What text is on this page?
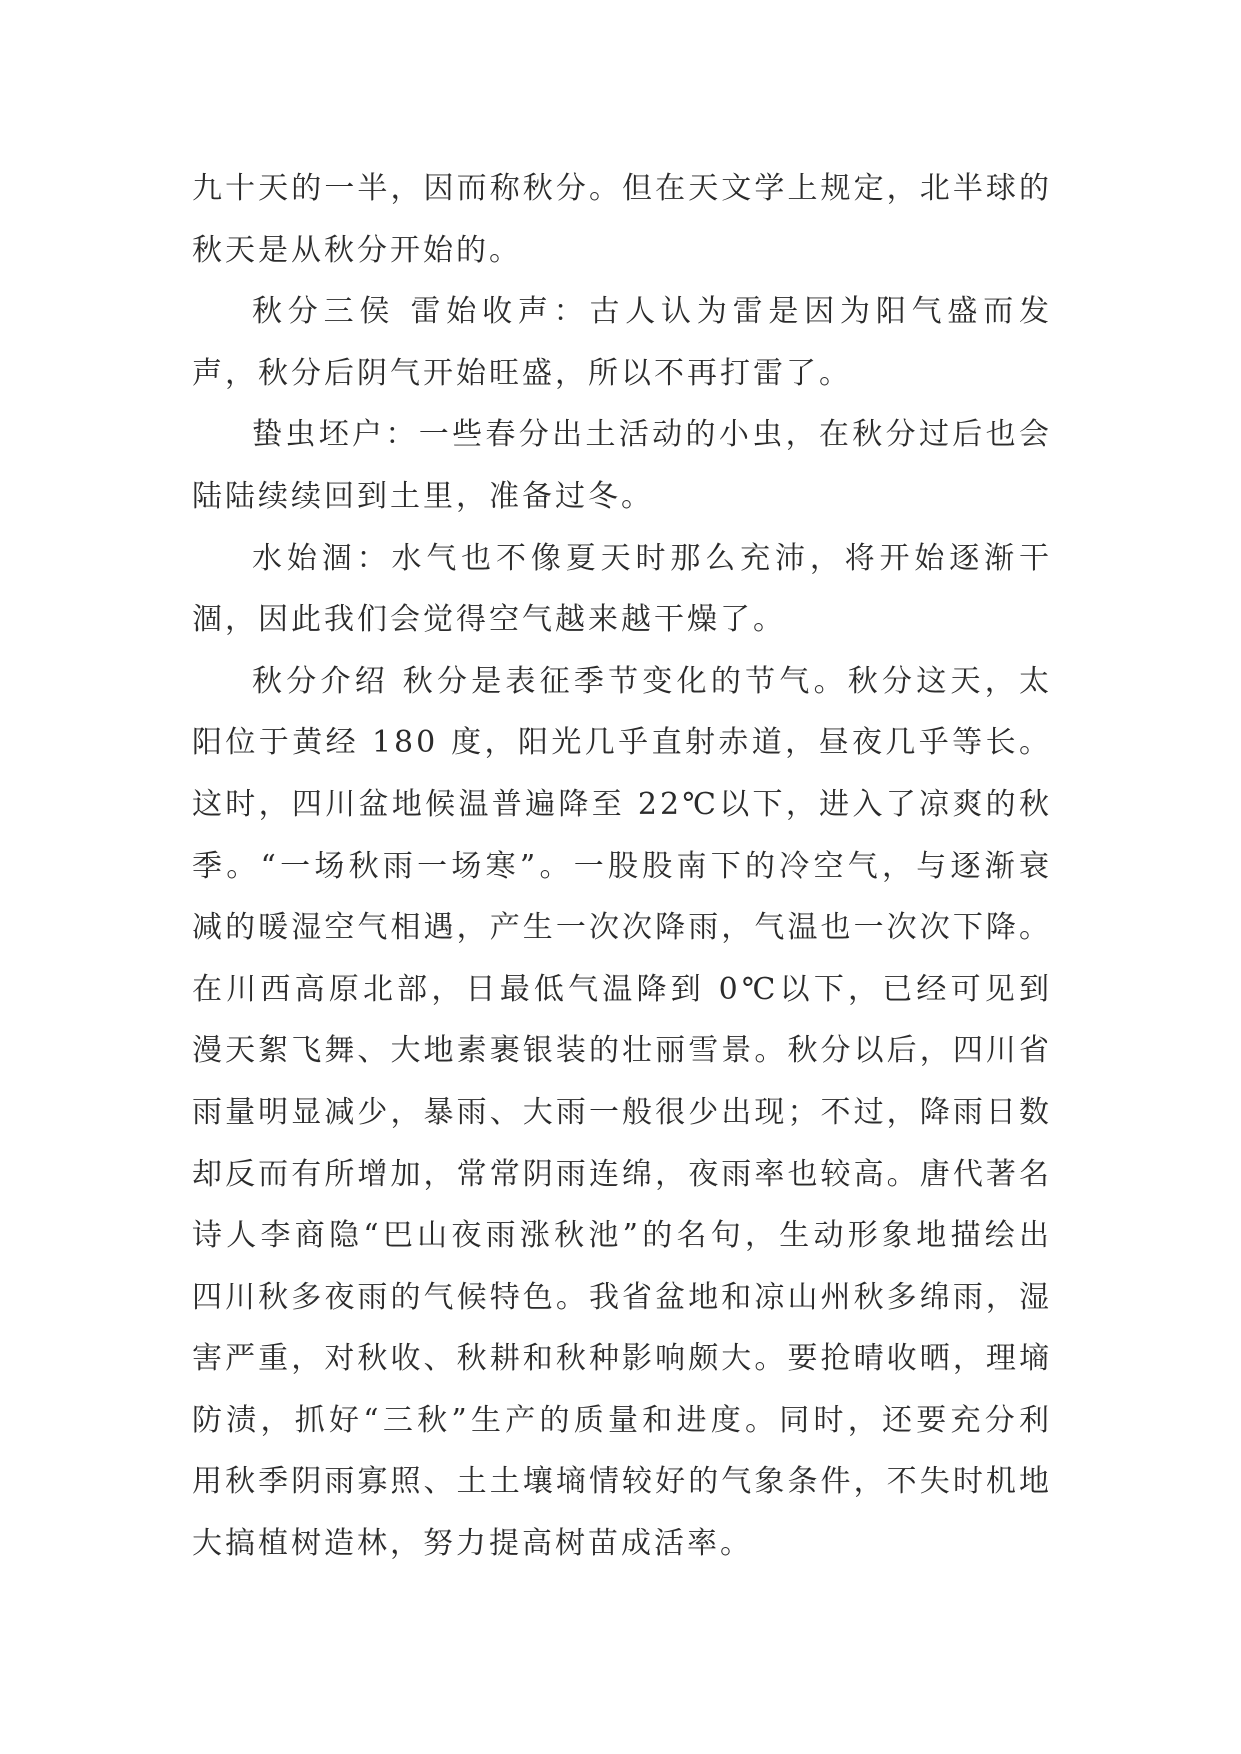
九十天的一半，因而称秋分。但在天文学上规定，北半球的秋天是从秋分开始的。

秋分三侯 雷始收声：古人认为雷是因为阳气盛而发声，秋分后阴气开始旺盛，所以不再打雷了。

蛰虫坯户：一些春分出土活动的小虫，在秋分过后也会陆陆续续回到土里，准备过冬。

水始涸：水气也不像夏天时那么充沛，将开始逐渐干涸，因此我们会觉得空气越来越干燥了。

秋分介绍 秋分是表征季节变化的节气。秋分这天，太阳位于黄经 180 度，阳光几乎直射赤道，昼夜几乎等长。这时，四川盆地候温普遍降至 22℃以下，进入了凉爽的秋季。“一场秋雨一场寒”。一股股南下的冷空气，与逐渐衰减的暖湿空气相遇，产生一次次降雨，气温也一次次下降。在川西高原北部，日最低气温降到 0℃以下，已经可见到漫天絮飞舞、大地素裹银装的壮丽雪景。秋分以后，四川省雨量明显减少，暴雨、大雨一般很少出现；不过，降雨日数却反而有所增加，常常阴雨连绵，夜雨率也较高。唐代著名诗人李商隐“巴山夜雨涨秋池”的名句，生动形象地描绘出四川秋多夜雨的气候特色。我省盆地和凉山州秋多绵雨，湿害严重，对秋收、秋耕和秋种影响颇大。要抢晴收晒，理墒防渍，抓好“三秋”生产的质量和进度。同时，还要充分利用秋季阴雨寡照、土土壤墒情较好的气象条件，不失时机地大搞植树造林，努力提高树苗成活率。
